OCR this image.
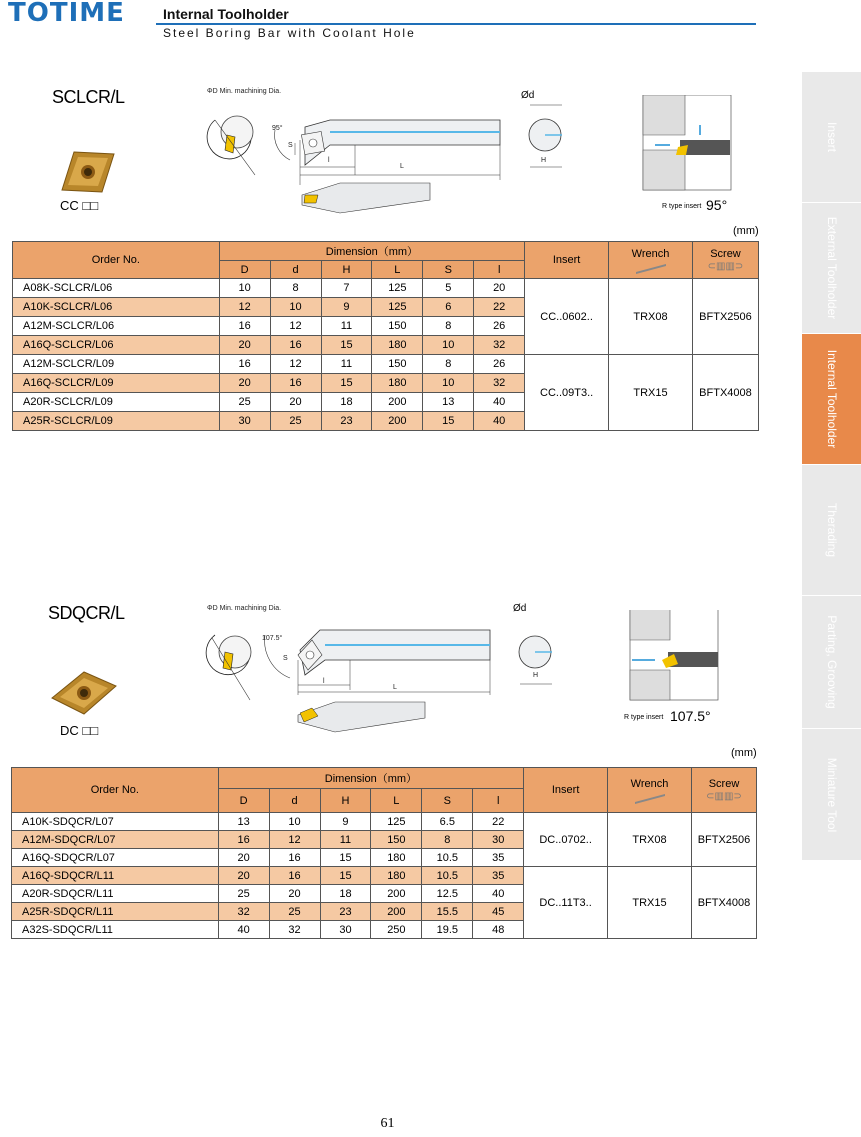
TOTIME	Internal Toolholder
Steel Boring Bar with Coolant Hole
Insert
External Toolholder
Internal Toolholder
Therading
Parting, Grooving
Miniature Tool
SCLCR/L
CC □□
ΦD Min. machining Dia.
95°
S
l
L
Ød
H
R type insert 95°
(mm)
Order No.	Dimension（mm）						Insert	Wrench	Screw
⊂▥▥⊃
	D	d	H	L	S	l			
A08K-SCLCR/L06	10	8	7	125	5	20	CC..0602..	TRX08	BFTX2506
A10K-SCLCR/L06	12	10	9	125	6	22			
A12M-SCLCR/L06	16	12	11	150	8	26			
A16Q-SCLCR/L06	20	16	15	180	10	32			
A12M-SCLCR/L09	16	12	11	150	8	26	CC..09T3..	TRX15	BFTX4008
A16Q-SCLCR/L09	20	16	15	180	10	32			
A20R-SCLCR/L09	25	20	18	200	13	40			
A25R-SCLCR/L09	30	25	23	200	15	40			
SDQCR/L
DC □□
ΦD Min. machining Dia.
107.5°
S
l
L
Ød
H
R type insert 107.5°
(mm)
Order No.	Dimension（mm）						Insert	Wrench	Screw
⊂▥▥⊃
	D	d	H	L	S	l			
A10K-SDQCR/L07	13	10	9	125	6.5	22	DC..0702..	TRX08	BFTX2506
A12M-SDQCR/L07	16	12	11	150	8	30			
A16Q-SDQCR/L07	20	16	15	180	10.5	35			
A16Q-SDQCR/L11	20	16	15	180	10.5	35	DC..11T3..	TRX15	BFTX4008
A20R-SDQCR/L11	25	20	18	200	12.5	40			
A25R-SDQCR/L11	32	25	23	200	15.5	45			
A32S-SDQCR/L11	40	32	30	250	19.5	48			
61
